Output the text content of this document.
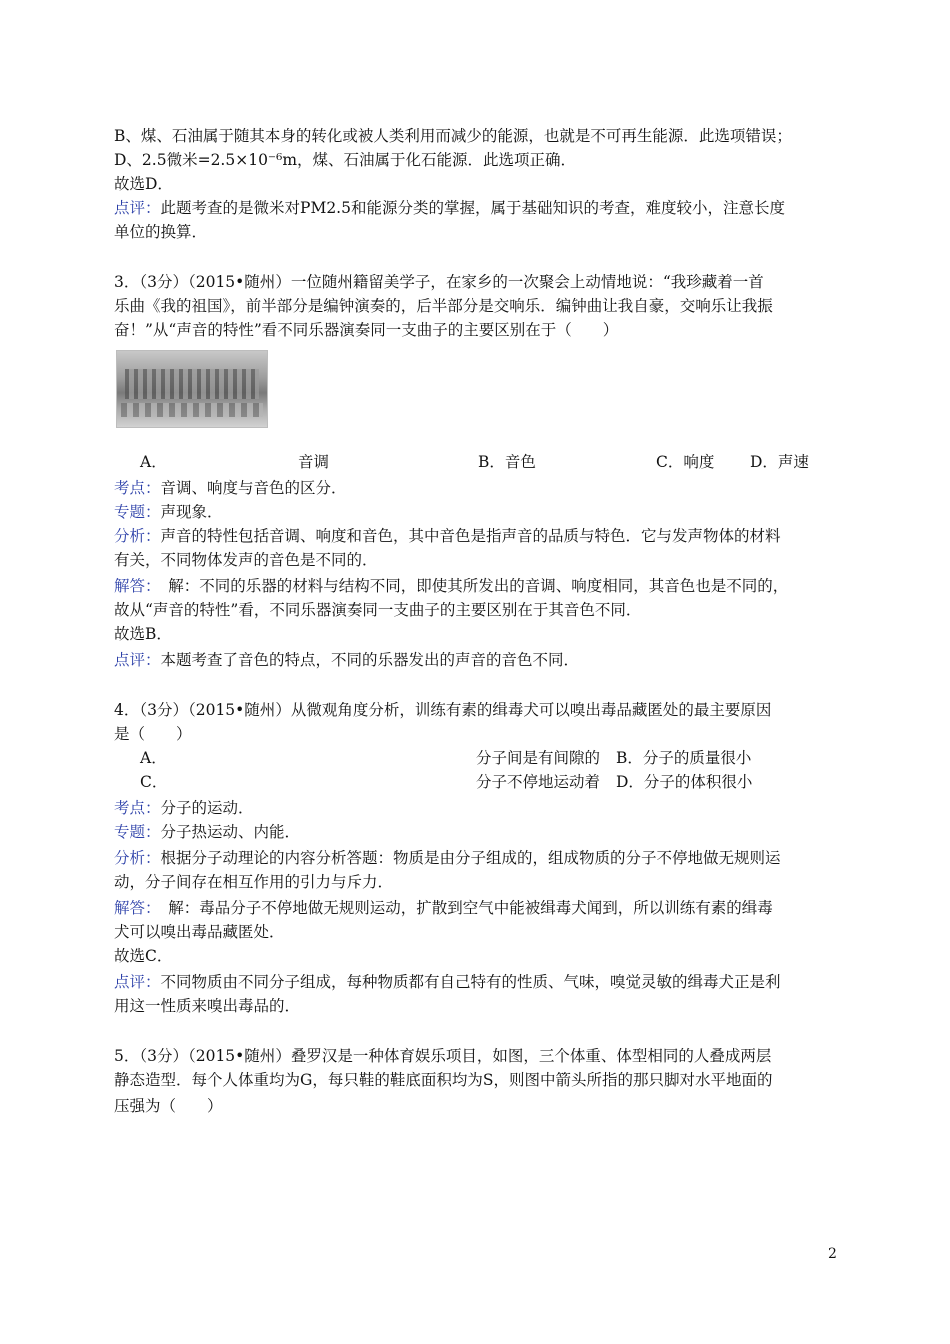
B、煤、石油属于随其本身的转化或被人类利用而减少的能源，也就是不可再生能源．此选项错误；
D、2.5微米=2.5×10⁻⁶m，煤、石油属于化石能源．此选项正确．
故选D．
点评：此题考查的是微米对PM2.5和能源分类的掌握，属于基础知识的考查，难度较小，注意长度
单位的换算．
3．（3分）（2015•随州）一位随州籍留美学子，在家乡的一次聚会上动情地说：“我珍藏着一首
乐曲《我的祖国》，前半部分是编钟演奏的，后半部分是交响乐．编钟曲让我自豪，交响乐让我振
奋！”从“声音的特性”看不同乐器演奏同一支曲子的主要区别在于（　　）
A．	音调	B．音色	C．响度 D．声速
考点：音调、响度与音色的区分．
专题：声现象．
分析：声音的特性包括音调、响度和音色，其中音色是指声音的品质与特色．它与发声物体的材料
有关，不同物体发声的音色是不同的．
解答：　解：不同的乐器的材料与结构不同，即使其所发出的音调、响度相同，其音色也是不同的，
故从“声音的特性”看，不同乐器演奏同一支曲子的主要区别在于其音色不同．
故选B．
点评：本题考查了音色的特点，不同的乐器发出的声音的音色不同．
4．（3分）（2015•随州）从微观角度分析，训练有素的缉毒犬可以嗅出毒品藏匿处的最主要原因
是（　　）
A．	分子间是有间隙的 B．分子的质量很小
C．	分子不停地运动着 D．分子的体积很小
考点：分子的运动．
专题：分子热运动、内能．
分析：根据分子动理论的内容分析答题：物质是由分子组成的，组成物质的分子不停地做无规则运
动，分子间存在相互作用的引力与斥力．
解答：　解：毒品分子不停地做无规则运动，扩散到空气中能被缉毒犬闻到，所以训练有素的缉毒
犬可以嗅出毒品藏匿处．
故选C．
点评：不同物质由不同分子组成，每种物质都有自己特有的性质、气味，嗅觉灵敏的缉毒犬正是利
用这一性质来嗅出毒品的．
5．（3分）（2015•随州）叠罗汉是一种体育娱乐项目，如图，三个体重、体型相同的人叠成两层
静态造型．每个人体重均为G，每只鞋的鞋底面积均为S，则图中箭头所指的那只脚对水平地面的
压强为（　　）
2
